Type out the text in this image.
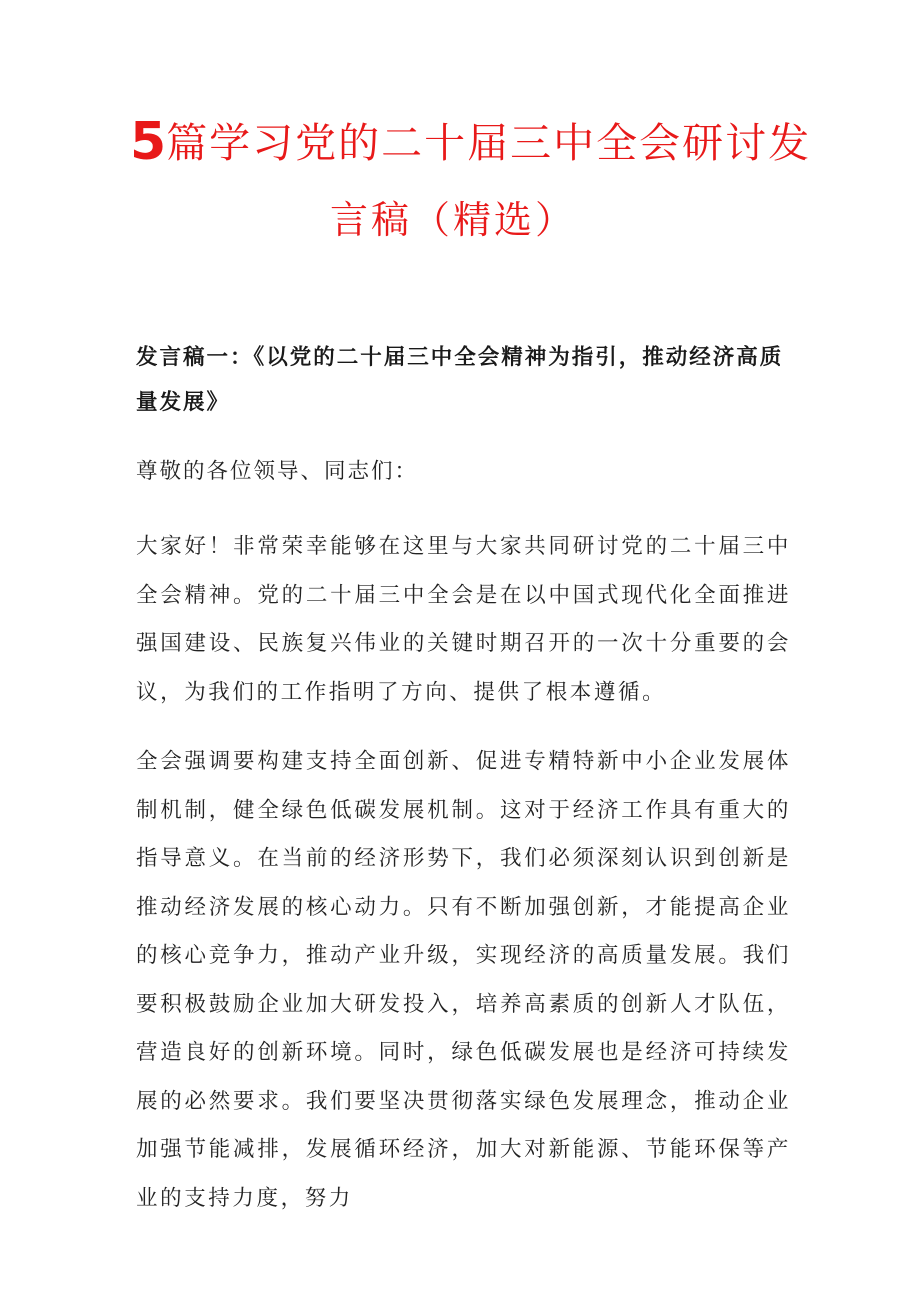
5篇学习党的二十届三中全会研讨发
言稿（精选）

发言稿一：《以党的二十届三中全会精神为指引，推动经济高质量发展》

尊敬的各位领导、同志们：

大家好！非常荣幸能够在这里与大家共同研讨党的二十届三中全会精神。党的二十届三中全会是在以中国式现代化全面推进强国建设、民族复兴伟业的关键时期召开的一次十分重要的会议，为我们的工作指明了方向、提供了根本遵循。

全会强调要构建支持全面创新、促进专精特新中小企业发展体制机制，健全绿色低碳发展机制。这对于经济工作具有重大的指导意义。在当前的经济形势下，我们必须深刻认识到创新是推动经济发展的核心动力。只有不断加强创新，才能提高企业的核心竞争力，推动产业升级，实现经济的高质量发展。我们要积极鼓励企业加大研发投入，培养高素质的创新人才队伍，营造良好的创新环境。同时，绿色低碳发展也是经济可持续发展的必然要求。我们要坚决贯彻落实绿色发展理念，推动企业加强节能减排，发展循环经济，加大对新能源、节能环保等产业的支持力度，努力
